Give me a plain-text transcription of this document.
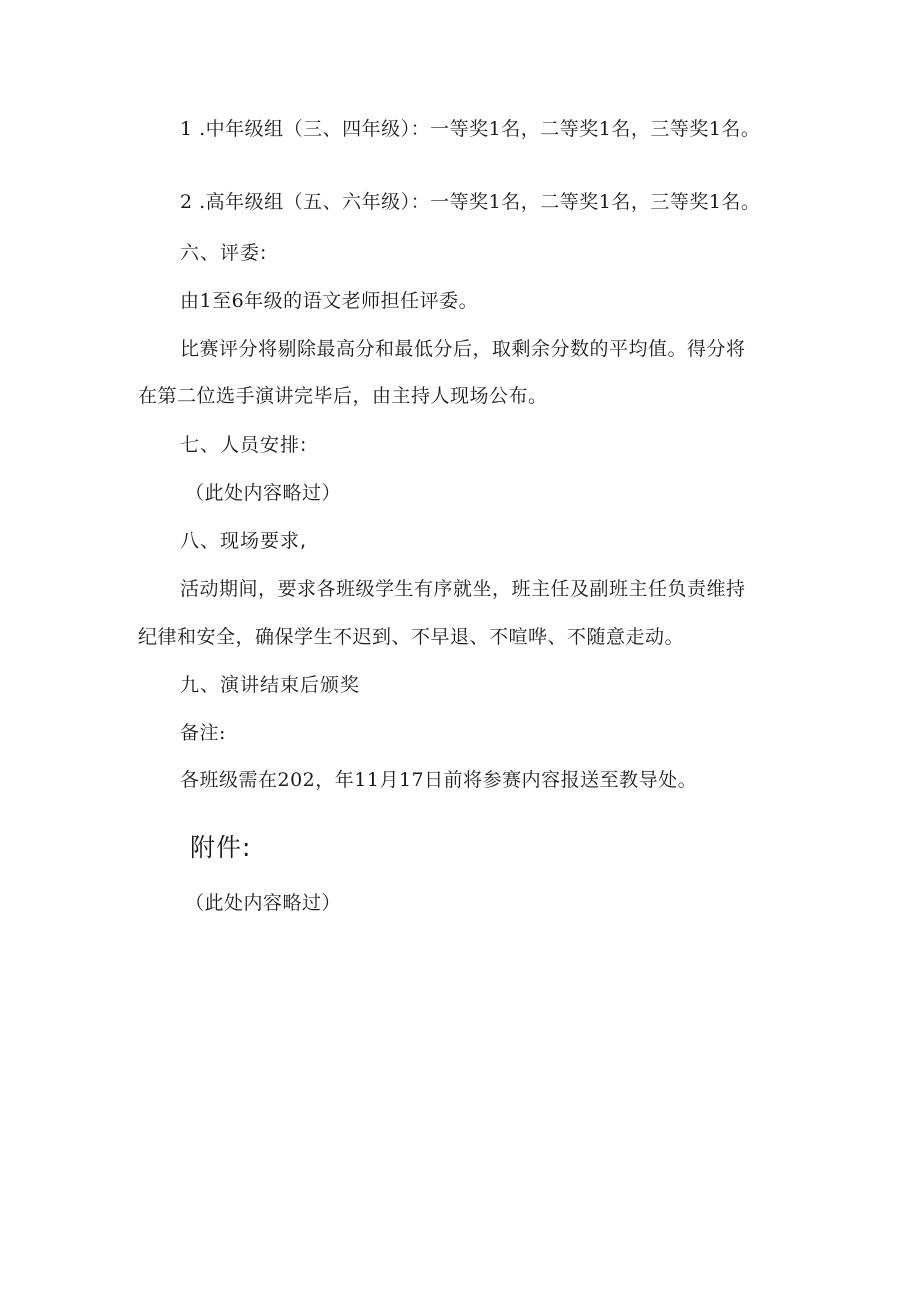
1 .中年级组（三、四年级）：一等奖1名，二等奖1名，三等奖1名。
2 .高年级组（五、六年级）：一等奖1名，二等奖1名，三等奖1名。
六、评委:
由1至6年级的语文老师担任评委。
比赛评分将剔除最高分和最低分后，取剩余分数的平均值。得分将
在第二位选手演讲完毕后，由主持人现场公布。
七、人员安排:
（此处内容略过）
八、现场要求,
活动期间，要求各班级学生有序就坐，班主任及副班主任负责维持
纪律和安全，确保学生不迟到、不早退、不喧哗、不随意走动。
九、演讲结束后颁奖
备注:
各班级需在202，年11月17日前将参赛内容报送至教导处。
附件:
（此处内容略过）
